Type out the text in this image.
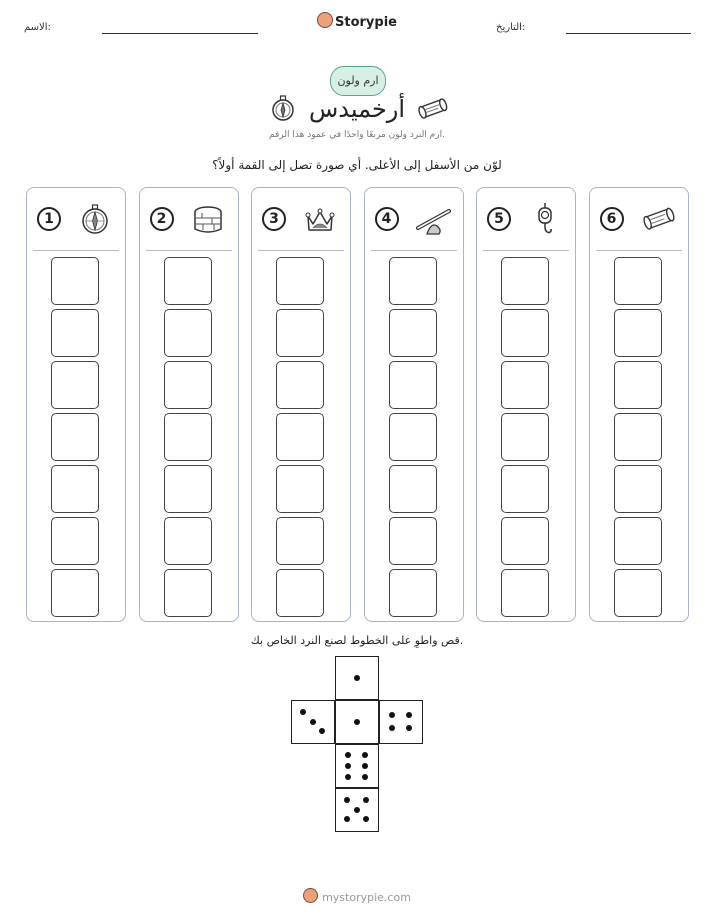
الاسم:	Storypie	التاريخ:
ارم ولون
أرخميدس
ارم النرد ولون مربعًا واحدًا في عمود هذا الرقم.
لوّن من الأسفل إلى الأعلى. أي صورة تصل إلى القمة أولاً؟
6
5
4
3
2
1
قص واطوِ على الخطوط لصنع النرد الخاص بك.
mystorypie.com
